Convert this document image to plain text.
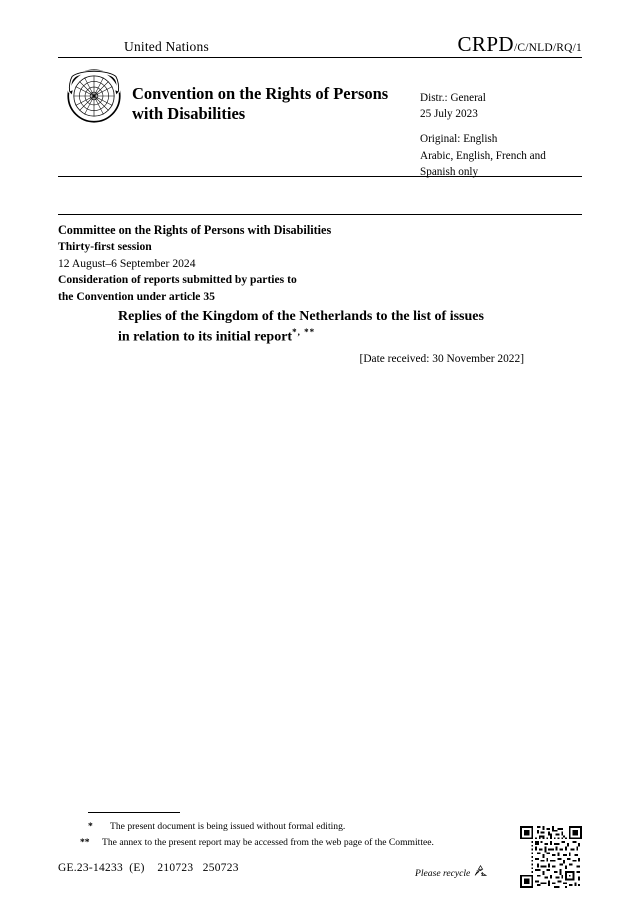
United Nations	CRPD/C/NLD/RQ/1
Convention on the Rights of Persons with Disabilities
Distr.: General
25 July 2023
Original: English
Arabic, English, French and
Spanish only
Committee on the Rights of Persons with Disabilities
Thirty-first session
12 August–6 September 2024
Consideration of reports submitted by parties to
the Convention under article 35
Replies of the Kingdom of the Netherlands to the list of issues
in relation to its initial report*, **
[Date received: 30 November 2022]
* The present document is being issued without formal editing.
** The annex to the present report may be accessed from the web page of the Committee.
GE.23-14233 (E) 210723 250723	Please recycle
